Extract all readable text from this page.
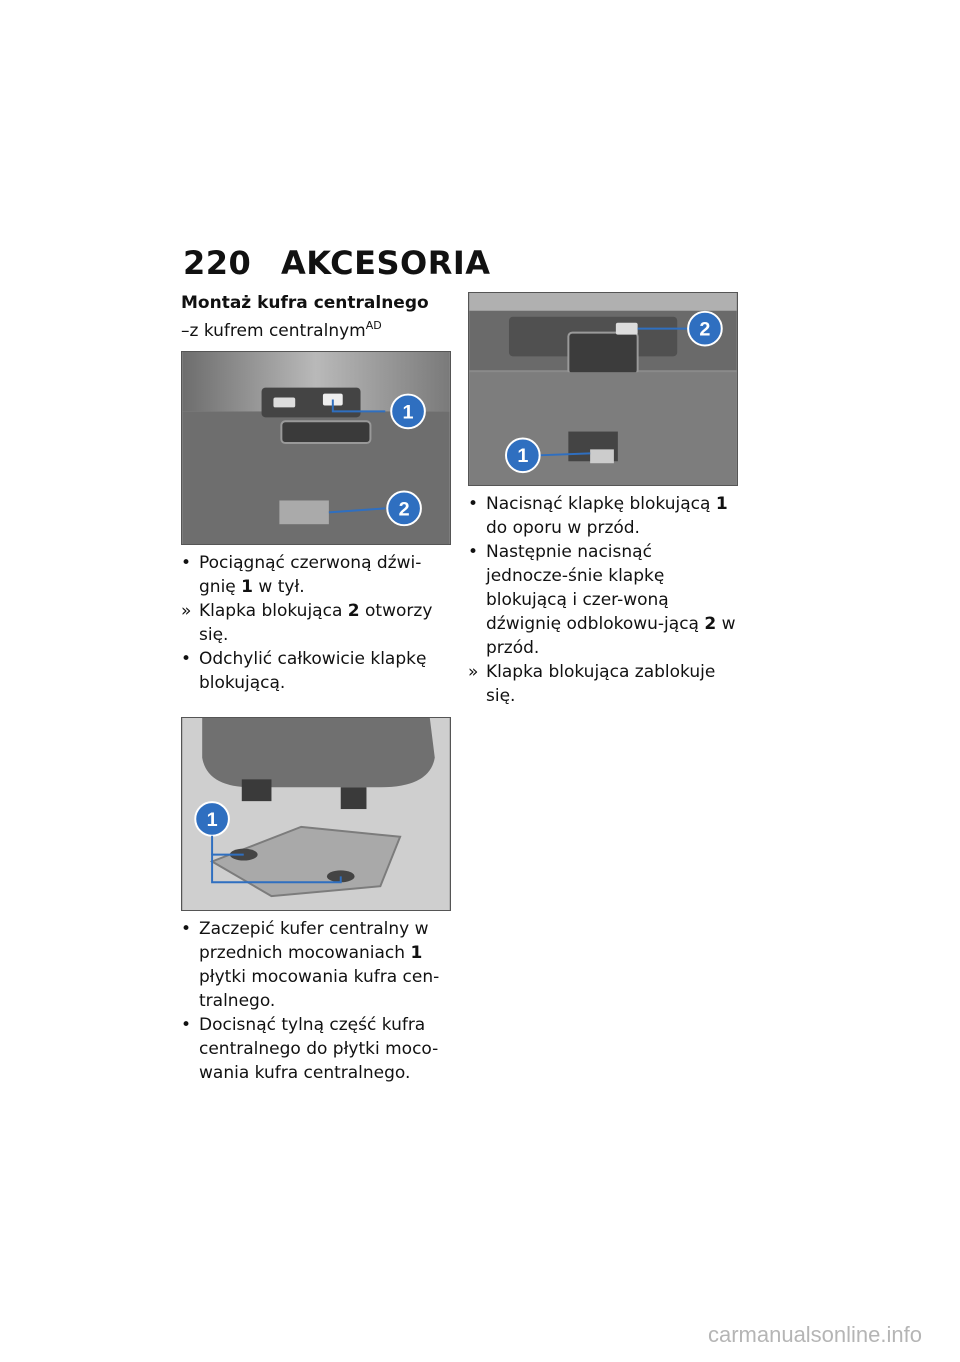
220 AKCESORIA
Montaż kufra centralnego
–z kufrem centralnym$^{AD}$
1
2
• Pociągnąć czerwoną dźwi-gnię 1 w tył.
» Klapka blokująca 2 otworzy się.
• Odchylić całkowicie klapkę blokującą.
1
• Zaczepić kufer centralny w przednich mocowaniach 1 płytki mocowania kufra cen-tralnego.
• Docisnąć tylną część kufra centralnego do płytki moco-wania kufra centralnego.
2
1
• Nacisnąć klapkę blokującą 1 do oporu w przód.
• Następnie nacisnąć jednocze-śnie klapkę blokującą i czer-woną dźwignię odblokowu-jącą 2 w przód.
» Klapka blokująca zablokuje się.
carmanualsonline.info
